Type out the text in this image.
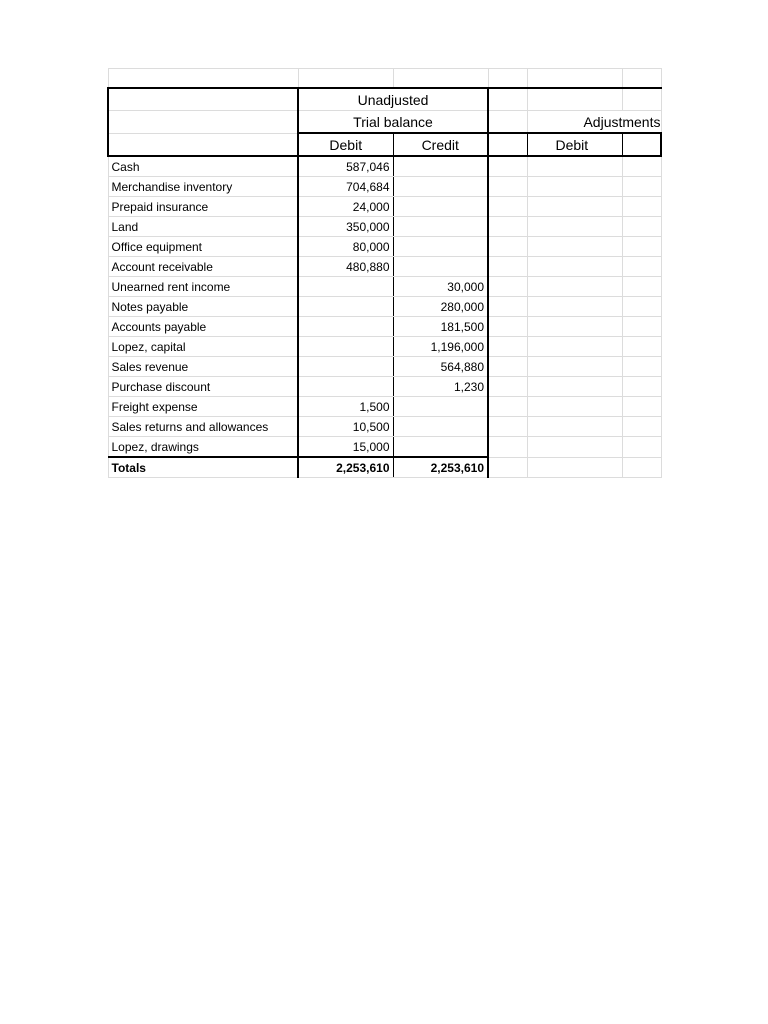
	Unadjusted				
	Trial balance			Adjustments	
	Debit	Credit		Debit	
Cash	587,046				
Merchandise inventory	704,684				
Prepaid insurance	24,000				
Land	350,000				
Office equipment	80,000				
Account receivable	480,880				
Unearned rent income		30,000			
Notes payable		280,000			
Accounts payable		181,500			
Lopez, capital		1,196,000			
Sales revenue		564,880			
Purchase discount		1,230			
Freight expense	1,500				
Sales returns and allowances	10,500				
Lopez, drawings	15,000				
Totals	2,253,610	2,253,610			
